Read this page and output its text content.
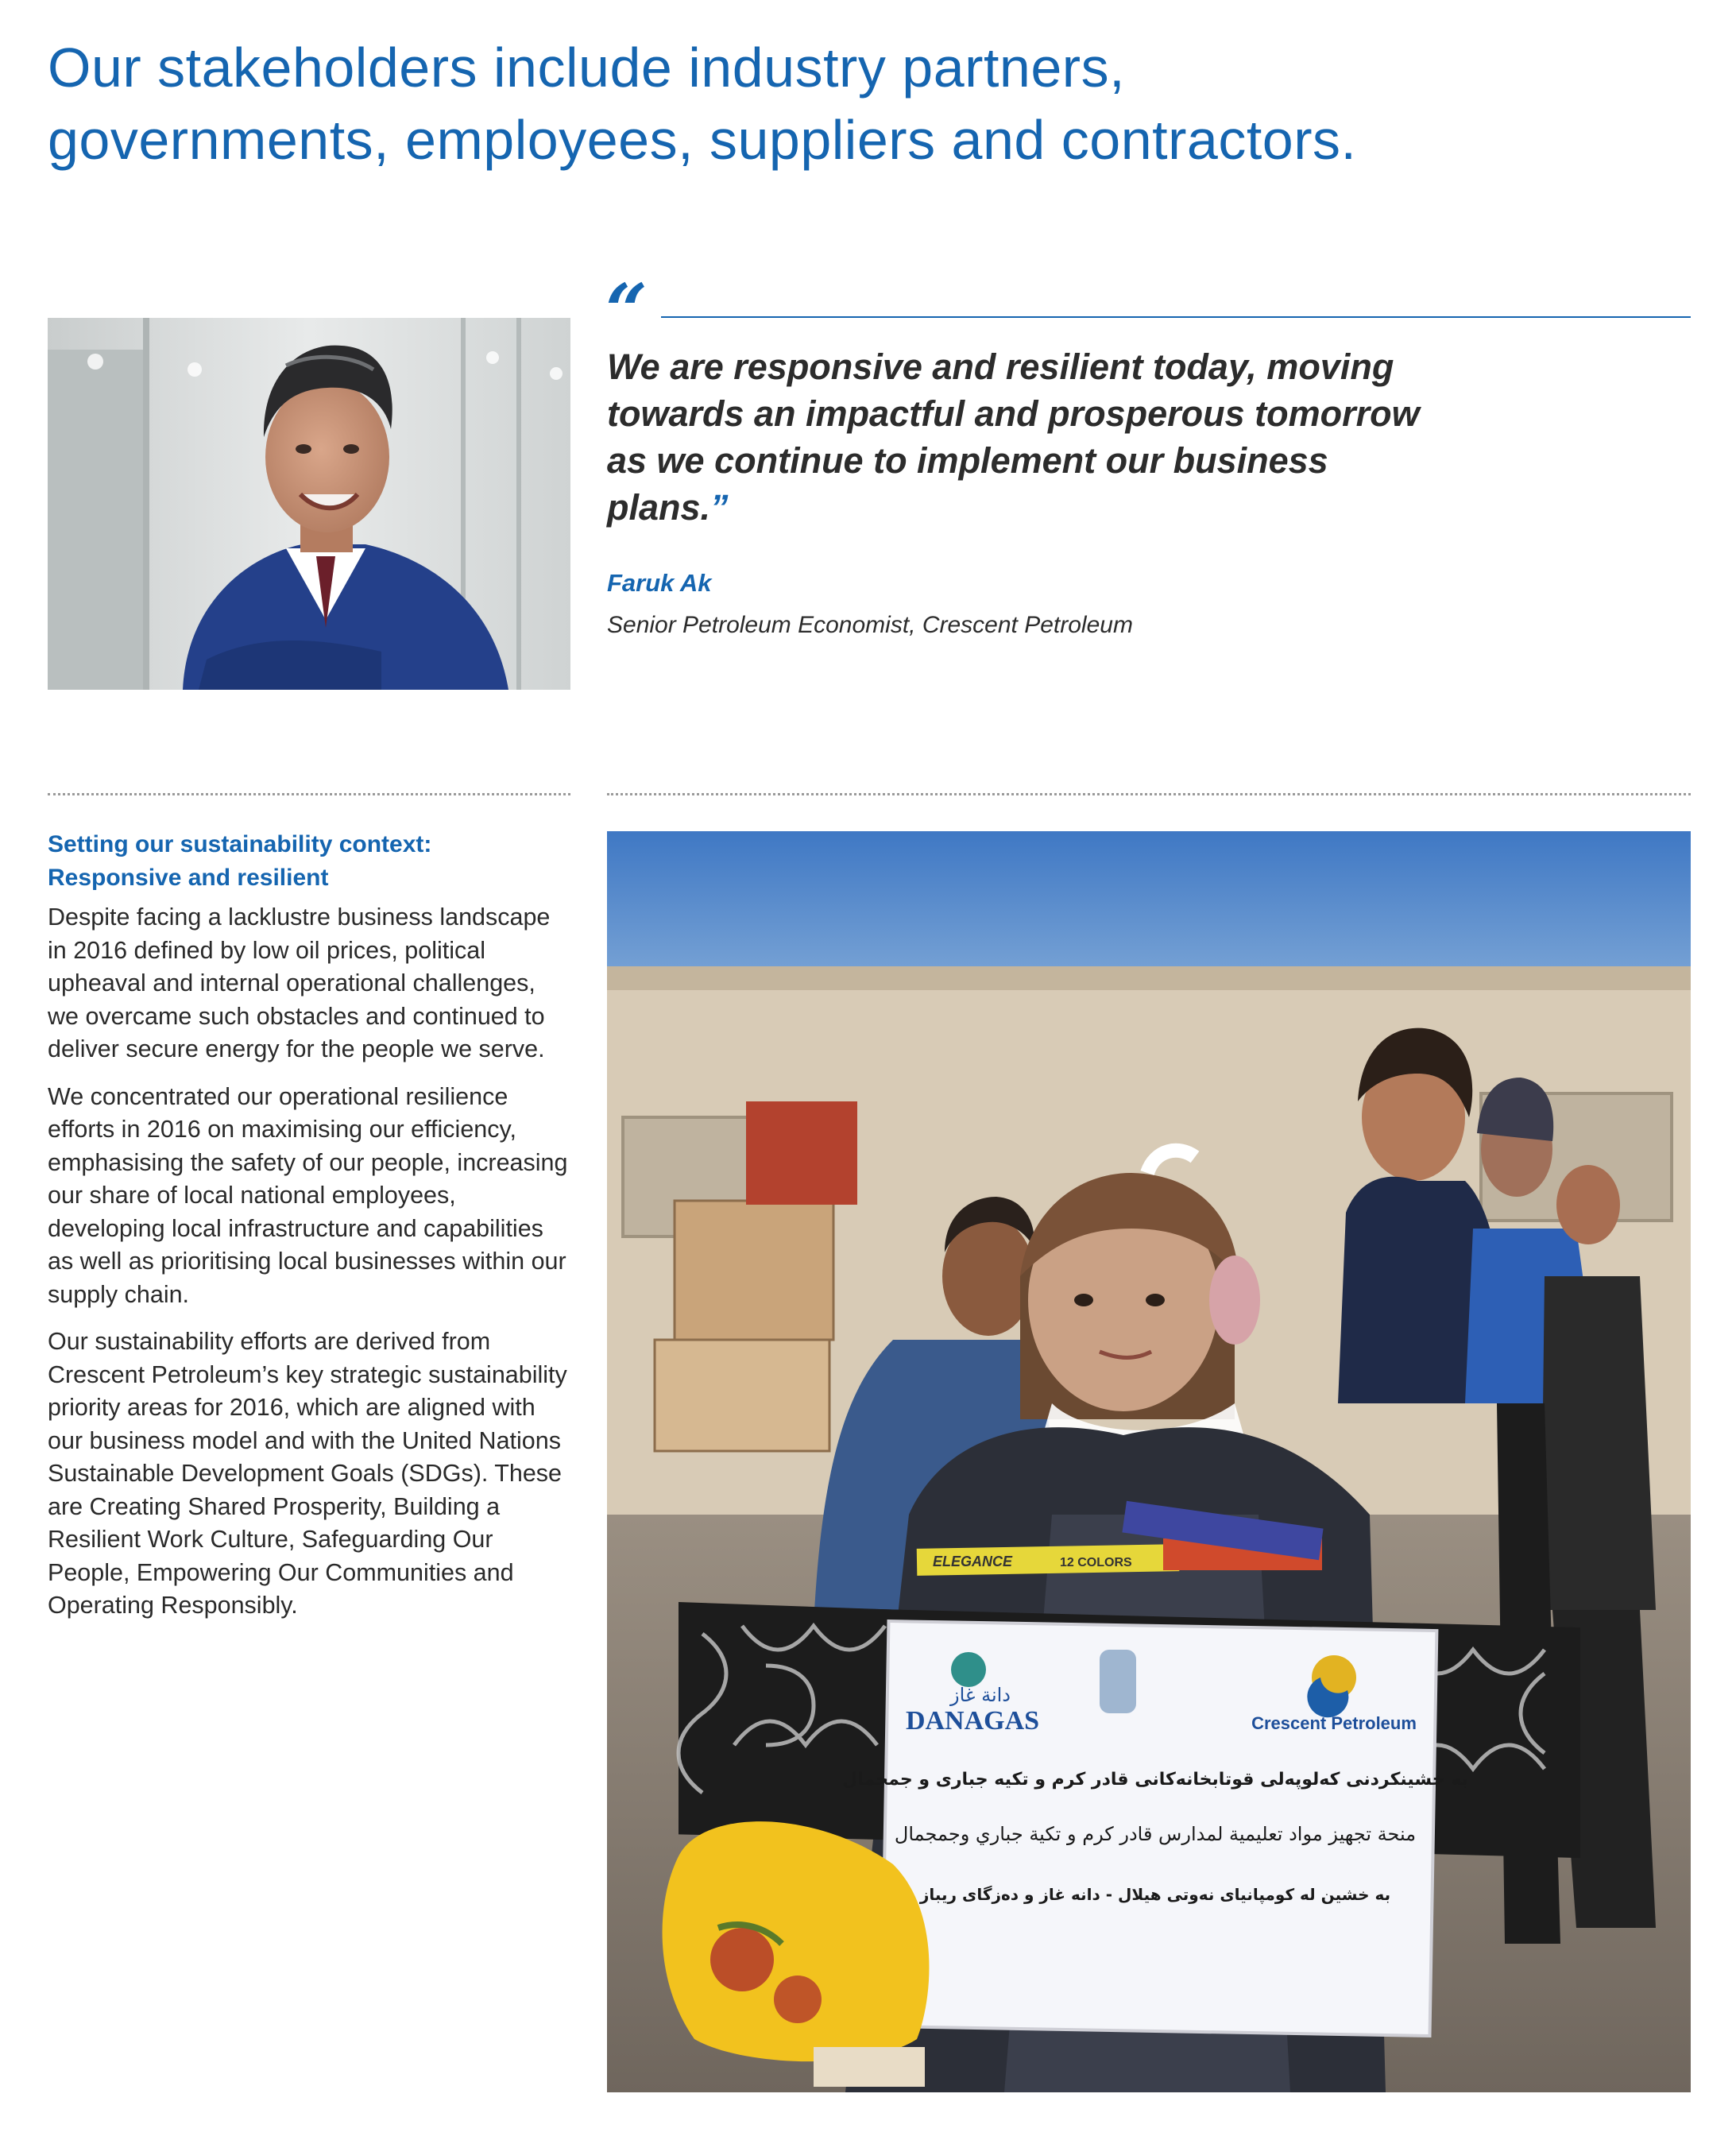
Our stakeholders include industry partners, governments, employees, suppliers and contractors.
“

We are responsive and resilient today, moving towards an impactful and prosperous tomorrow as we continue to implement our business plans.”

Faruk Ak
Senior Petroleum Economist, Crescent Petroleum
Setting our sustainability context:
Responsive and resilient

Despite facing a lacklustre business landscape in 2016 defined by low oil prices, political upheaval and internal operational challenges, we overcame such obstacles and continued to deliver secure energy for the people we serve.

We concentrated our operational resilience efforts in 2016 on maximising our efficiency, emphasising the safety of our people, increasing our share of local national employees, developing local infrastructure and capabilities as well as prioritising local businesses within our supply chain.

Our sustainability efforts are derived from Crescent Petroleum’s key strategic sustainability priority areas for 2016, which are aligned with our business model and with the United Nations Sustainable Development Goals (SDGs). These are Creating Shared Prosperity, Building a Resilient Work Culture, Safeguarding Our People, Empowering Our Communities and Operating Responsibly.

ELEGANCE	12 COLORS
دانة غاز
DANAGAS	Crescent Petroleum
به خشينكردنی كەلوپەلی قوتابخانەكانی قادر كرم و تكيه جباری و جمجمال
منحة تجهيز مواد تعليمية لمدارس قادر كرم و تكية جباري وجمجمال
به خشين له كومپانيای نەوتی هيلال - دانه غاز و دەزگای ريباز
